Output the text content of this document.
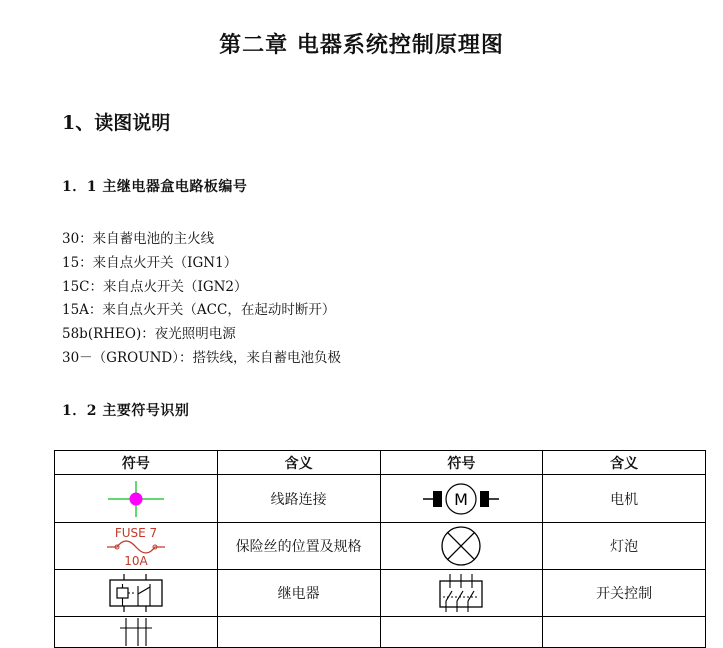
第二章 电器系统控制原理图
1、读图说明
1．1 主继电器盒电路板编号
30：来自蓄电池的主火线
15：来自点火开关（IGN1）
15C：来自点火开关（IGN2）
15A：来自点火开关（ACC，在起动时断开）
58b(RHEO)：夜光照明电源
30－（GROUND）：搭铁线，来自蓄电池负极
1．2 主要符号识别
符号	含义	符号	含义

	线路连接	M	电机

FUSE 7
10A	保险丝的位置及规格		灯泡

	继电器		开关控制
